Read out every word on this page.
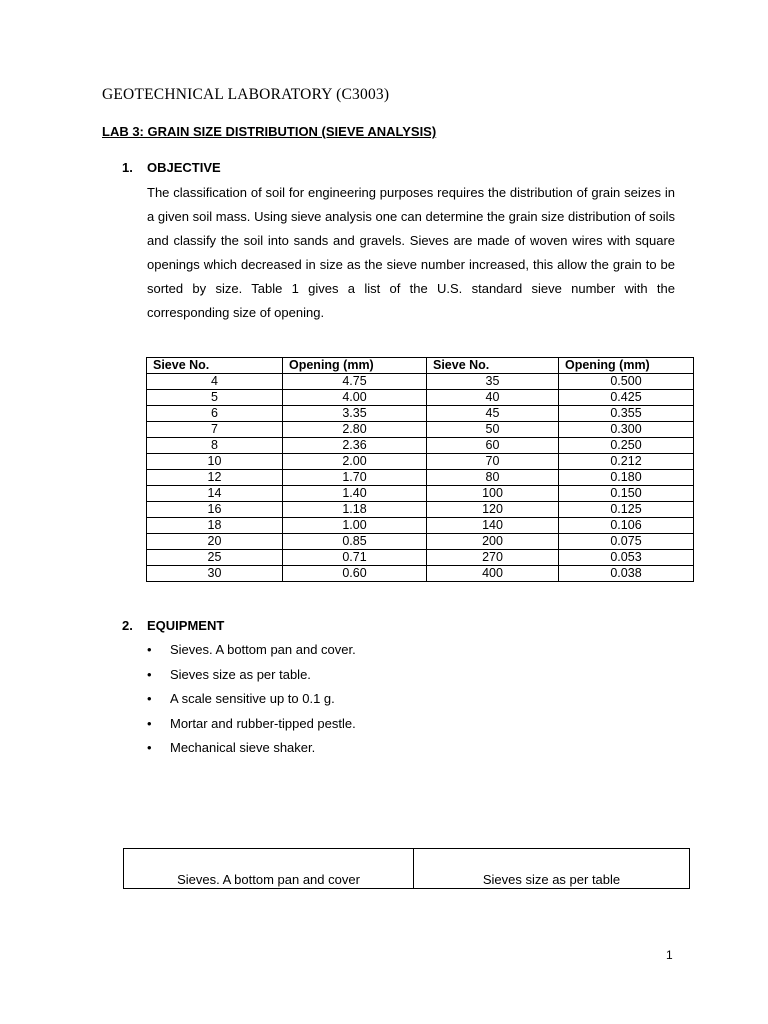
GEOTECHNICAL LABORATORY (C3003)
LAB 3: GRAIN SIZE DISTRIBUTION (SIEVE ANALYSIS)
1. OBJECTIVE
The classification of soil for engineering purposes requires the distribution of grain seizes in a given soil mass. Using sieve analysis one can determine the grain size distribution of soils and classify the soil into sands and gravels. Sieves are made of woven wires with square openings which decreased in size as the sieve number increased, this allow the grain to be sorted by size. Table 1 gives a list of the U.S. standard sieve number with the corresponding size of opening.
Sieve No.	Opening (mm)	Sieve No.	Opening (mm)
4	4.75	35	0.500
5	4.00	40	0.425
6	3.35	45	0.355
7	2.80	50	0.300
8	2.36	60	0.250
10	2.00	70	0.212
12	1.70	80	0.180
14	1.40	100	0.150
16	1.18	120	0.125
18	1.00	140	0.106
20	0.85	200	0.075
25	0.71	270	0.053
30	0.60	400	0.038
2. EQUIPMENT
• Sieves. A bottom pan and cover.
• Sieves size as per table.
• A scale sensitive up to 0.1 g.
• Mortar and rubber-tipped pestle.
• Mechanical sieve shaker.
Sieves. A bottom pan and cover	Sieves size as per table
1
